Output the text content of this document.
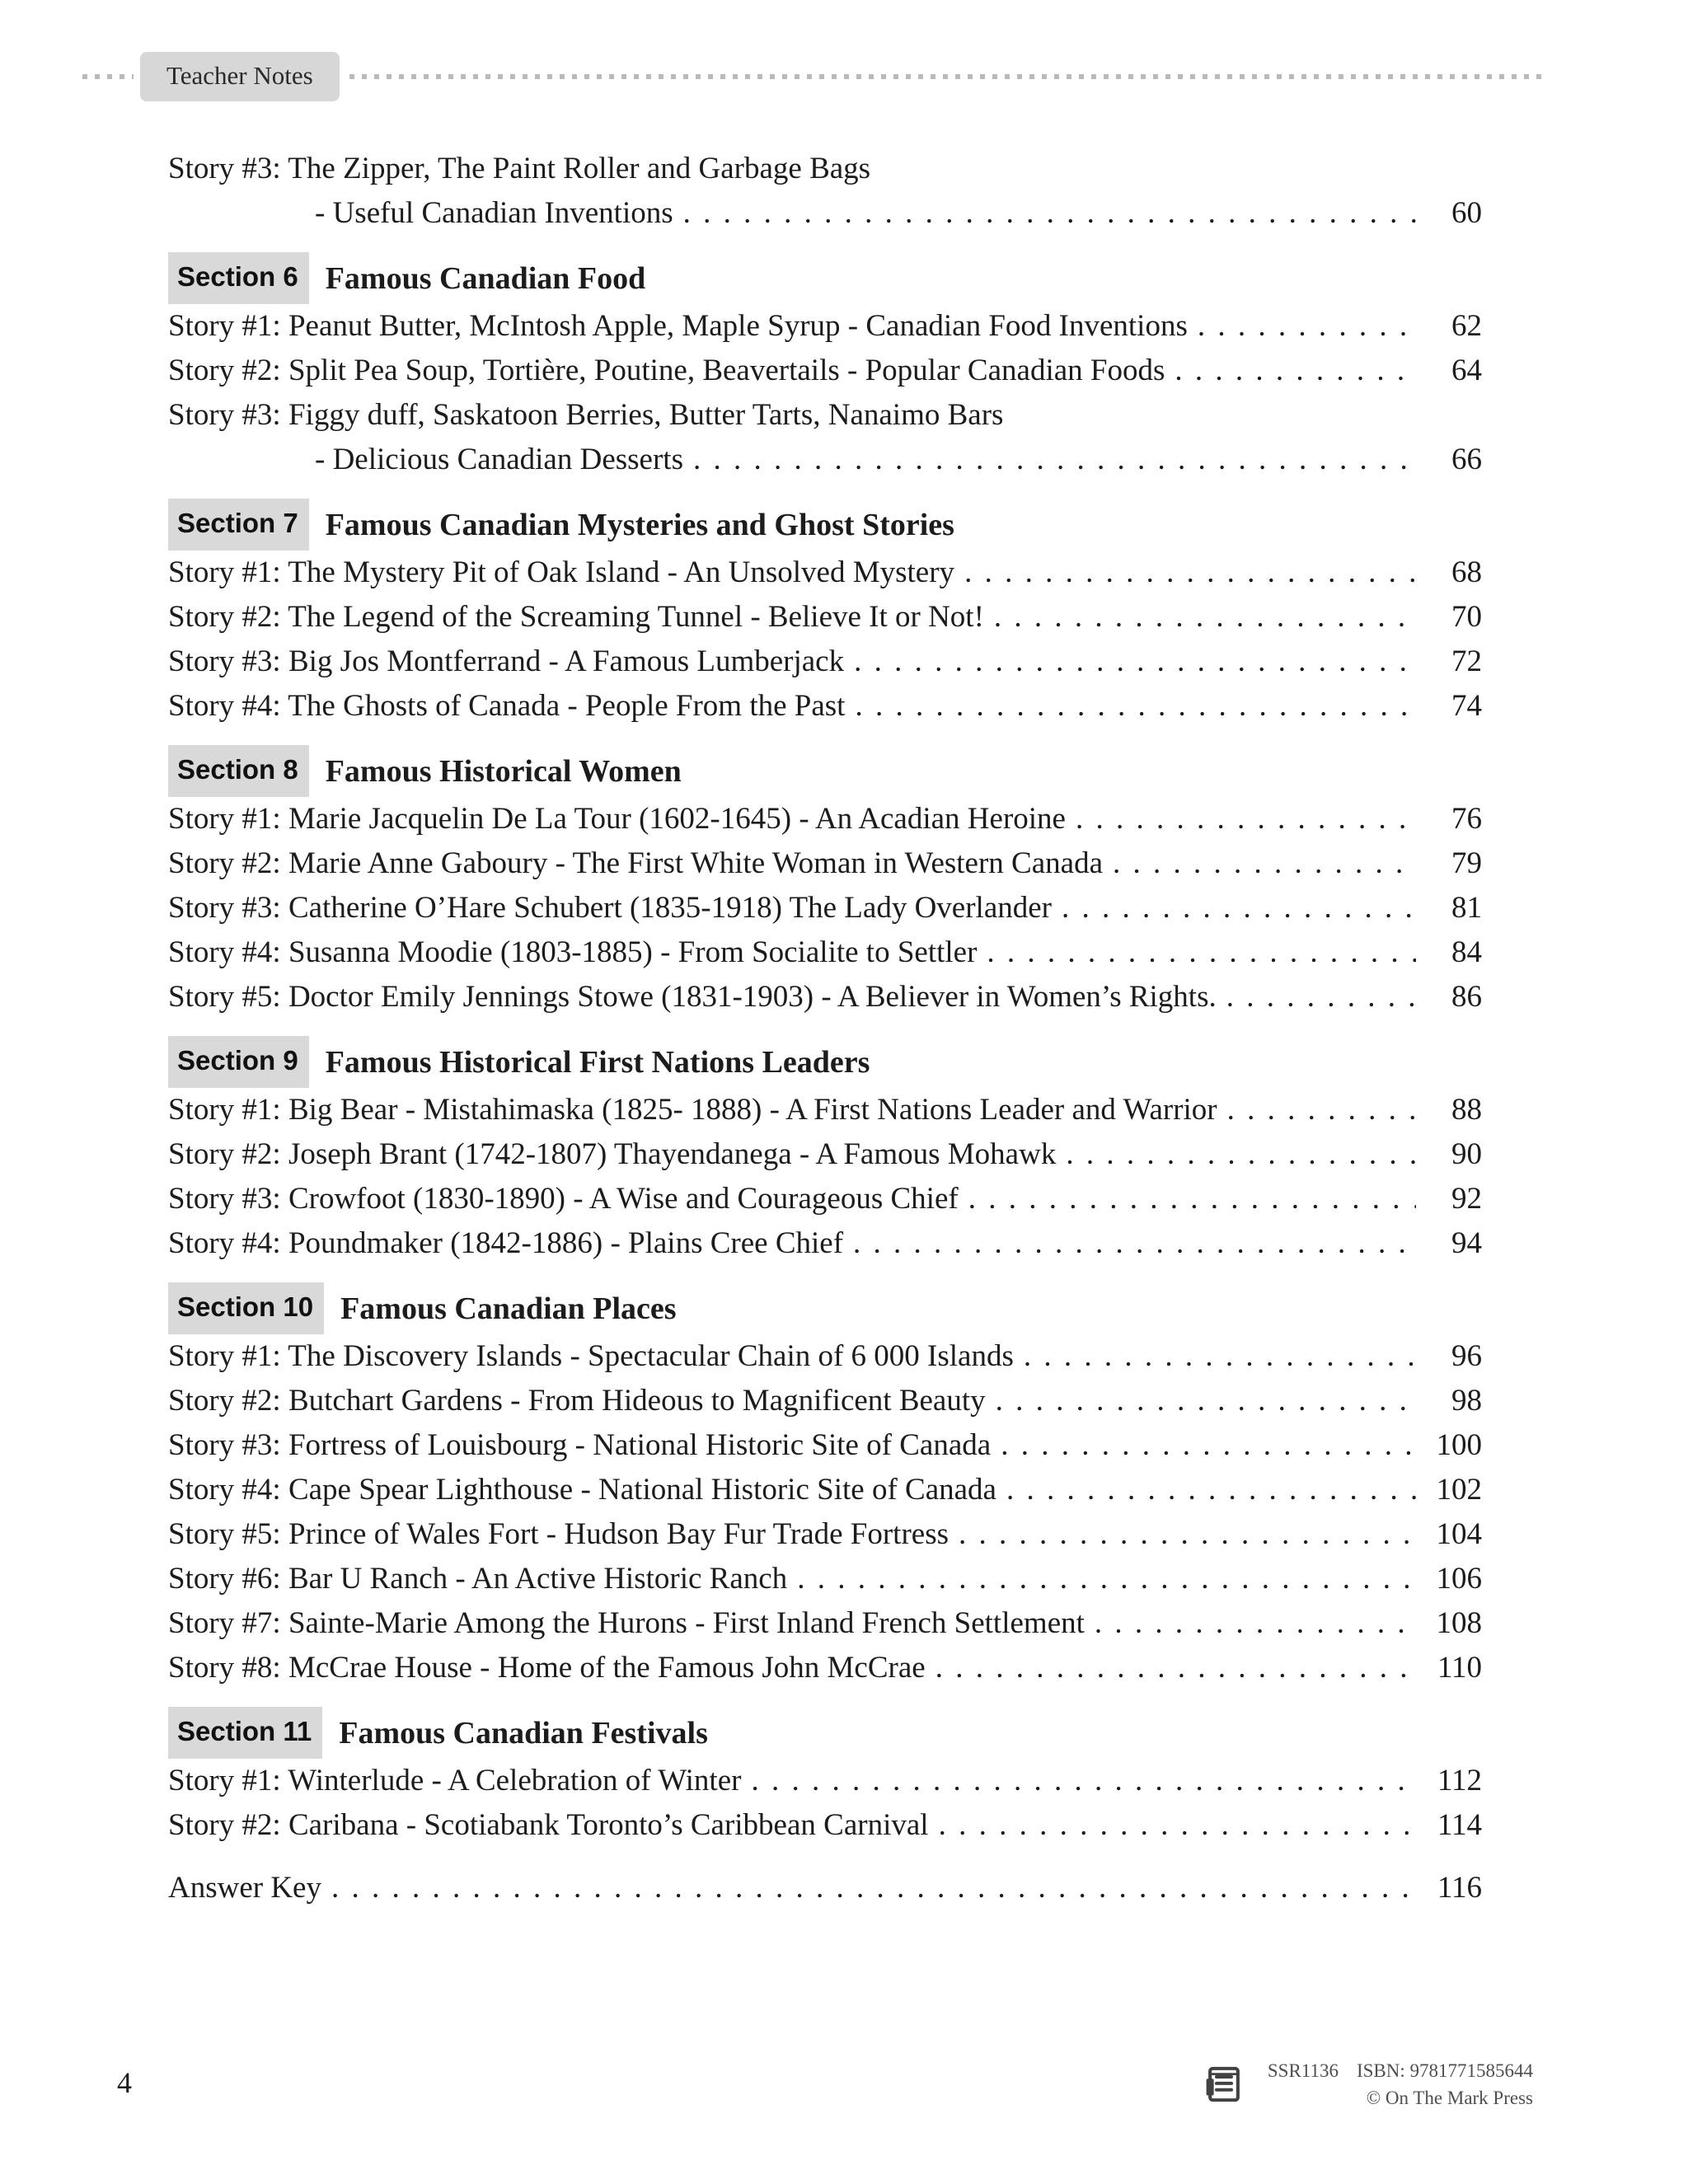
Teacher Notes
Story #3: The Zipper, The Paint Roller and Garbage Bags
- Useful Canadian Inventions . . .	60
Section 6 Famous Canadian Food
Story #1: Peanut Butter, McIntosh Apple, Maple Syrup - Canadian Food Inventions . . .	62
Story #2: Split Pea Soup, Tortière, Poutine, Beavertails - Popular Canadian Foods . . .	64
Story #3: Figgy duff, Saskatoon Berries, Butter Tarts, Nanaimo Bars
- Delicious Canadian Desserts . . .	66
Section 7 Famous Canadian Mysteries and Ghost Stories
Story #1: The Mystery Pit of Oak Island - An Unsolved Mystery . . .	68
Story #2: The Legend of the Screaming Tunnel - Believe It or Not! . . .	70
Story #3: Big Jos Montferrand - A Famous Lumberjack . . .	72
Story #4: The Ghosts of Canada - People From the Past . . .	74
Section 8 Famous Historical Women
Story #1: Marie Jacquelin De La Tour (1602-1645) - An Acadian Heroine . . .	76
Story #2: Marie Anne Gaboury - The First White Woman in Western Canada . . .	79
Story #3: Catherine O’Hare Schubert (1835-1918) The Lady Overlander . . .	81
Story #4: Susanna Moodie (1803-1885) - From Socialite to Settler . . .	84
Story #5: Doctor Emily Jennings Stowe (1831-1903) - A Believer in Women’s Rights. . . .	86
Section 9 Famous Historical First Nations Leaders
Story #1: Big Bear - Mistahimaska (1825- 1888) - A First Nations Leader and Warrior . . .	88
Story #2: Joseph Brant (1742-1807) Thayendanega - A Famous Mohawk . . .	90
Story #3: Crowfoot (1830-1890) - A Wise and Courageous Chief . . .	92
Story #4: Poundmaker (1842-1886) - Plains Cree Chief . . .	94
Section 10 Famous Canadian Places
Story #1: The Discovery Islands - Spectacular Chain of 6 000 Islands . . .	96
Story #2: Butchart Gardens - From Hideous to Magnificent Beauty . . .	98
Story #3: Fortress of Louisbourg - National Historic Site of Canada . . .	100
Story #4: Cape Spear Lighthouse - National Historic Site of Canada . . .	102
Story #5: Prince of Wales Fort - Hudson Bay Fur Trade Fortress . . .	104
Story #6: Bar U Ranch - An Active Historic Ranch . . .	106
Story #7: Sainte-Marie Among the Hurons - First Inland French Settlement . . .	108
Story #8: McCrae House - Home of the Famous John McCrae . . .	110
Section 11 Famous Canadian Festivals
Story #1: Winterlude - A Celebration of Winter . . .	112
Story #2: Caribana - Scotiabank Toronto’s Caribbean Carnival . . .	114
Answer Key . . .	116
4	SSR1136 ISBN: 9781771585644
© On The Mark Press
